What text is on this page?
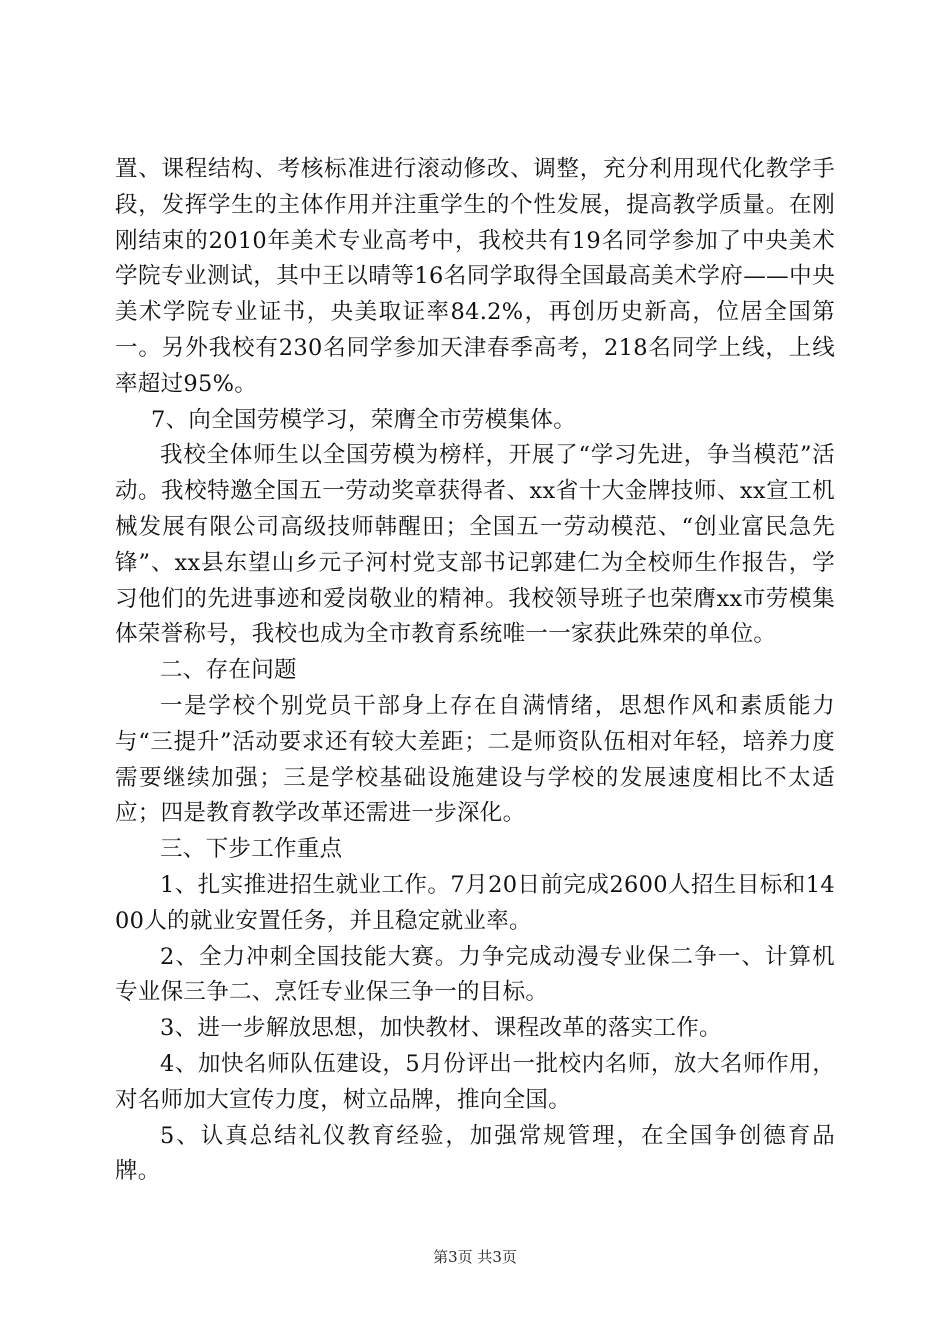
置、课程结构、考核标准进行滚动修改、调整，充分利用现代化教学手段，发挥学生的主体作用并注重学生的个性发展，提高教学质量。在刚刚结束的2010年美术专业高考中，我校共有19名同学参加了中央美术学院专业测试，其中王以晴等16名同学取得全国最高美术学府——中央美术学院专业证书，央美取证率84.2%，再创历史新高，位居全国第一。另外我校有230名同学参加天津春季高考，218名同学上线，上线率超过95%。

7、向全国劳模学习，荣膺全市劳模集体。

我校全体师生以全国劳模为榜样，开展了“学习先进，争当模范”活动。我校特邀全国五一劳动奖章获得者、xx省十大金牌技师、xx宣工机械发展有限公司高级技师韩醒田；全国五一劳动模范、“创业富民急先锋”、xx县东望山乡元子河村党支部书记郭建仁为全校师生作报告，学习他们的先进事迹和爱岗敬业的精神。我校领导班子也荣膺xx市劳模集体荣誉称号，我校也成为全市教育系统唯一一家获此殊荣的单位。

二、存在问题

一是学校个别党员干部身上存在自满情绪，思想作风和素质能力与“三提升”活动要求还有较大差距；二是师资队伍相对年轻，培养力度需要继续加强；三是学校基础设施建设与学校的发展速度相比不太适应；四是教育教学改革还需进一步深化。

三、下步工作重点

1、扎实推进招生就业工作。7月20日前完成2600人招生目标和1400人的就业安置任务，并且稳定就业率。

2、全力冲刺全国技能大赛。力争完成动漫专业保二争一、计算机专业保三争二、烹饪专业保三争一的目标。

3、进一步解放思想，加快教材、课程改革的落实工作。

4、加快名师队伍建设，5月份评出一批校内名师，放大名师作用，对名师加大宣传力度，树立品牌，推向全国。

5、认真总结礼仪教育经验，加强常规管理，在全国争创德育品牌。

第3页 共3页
